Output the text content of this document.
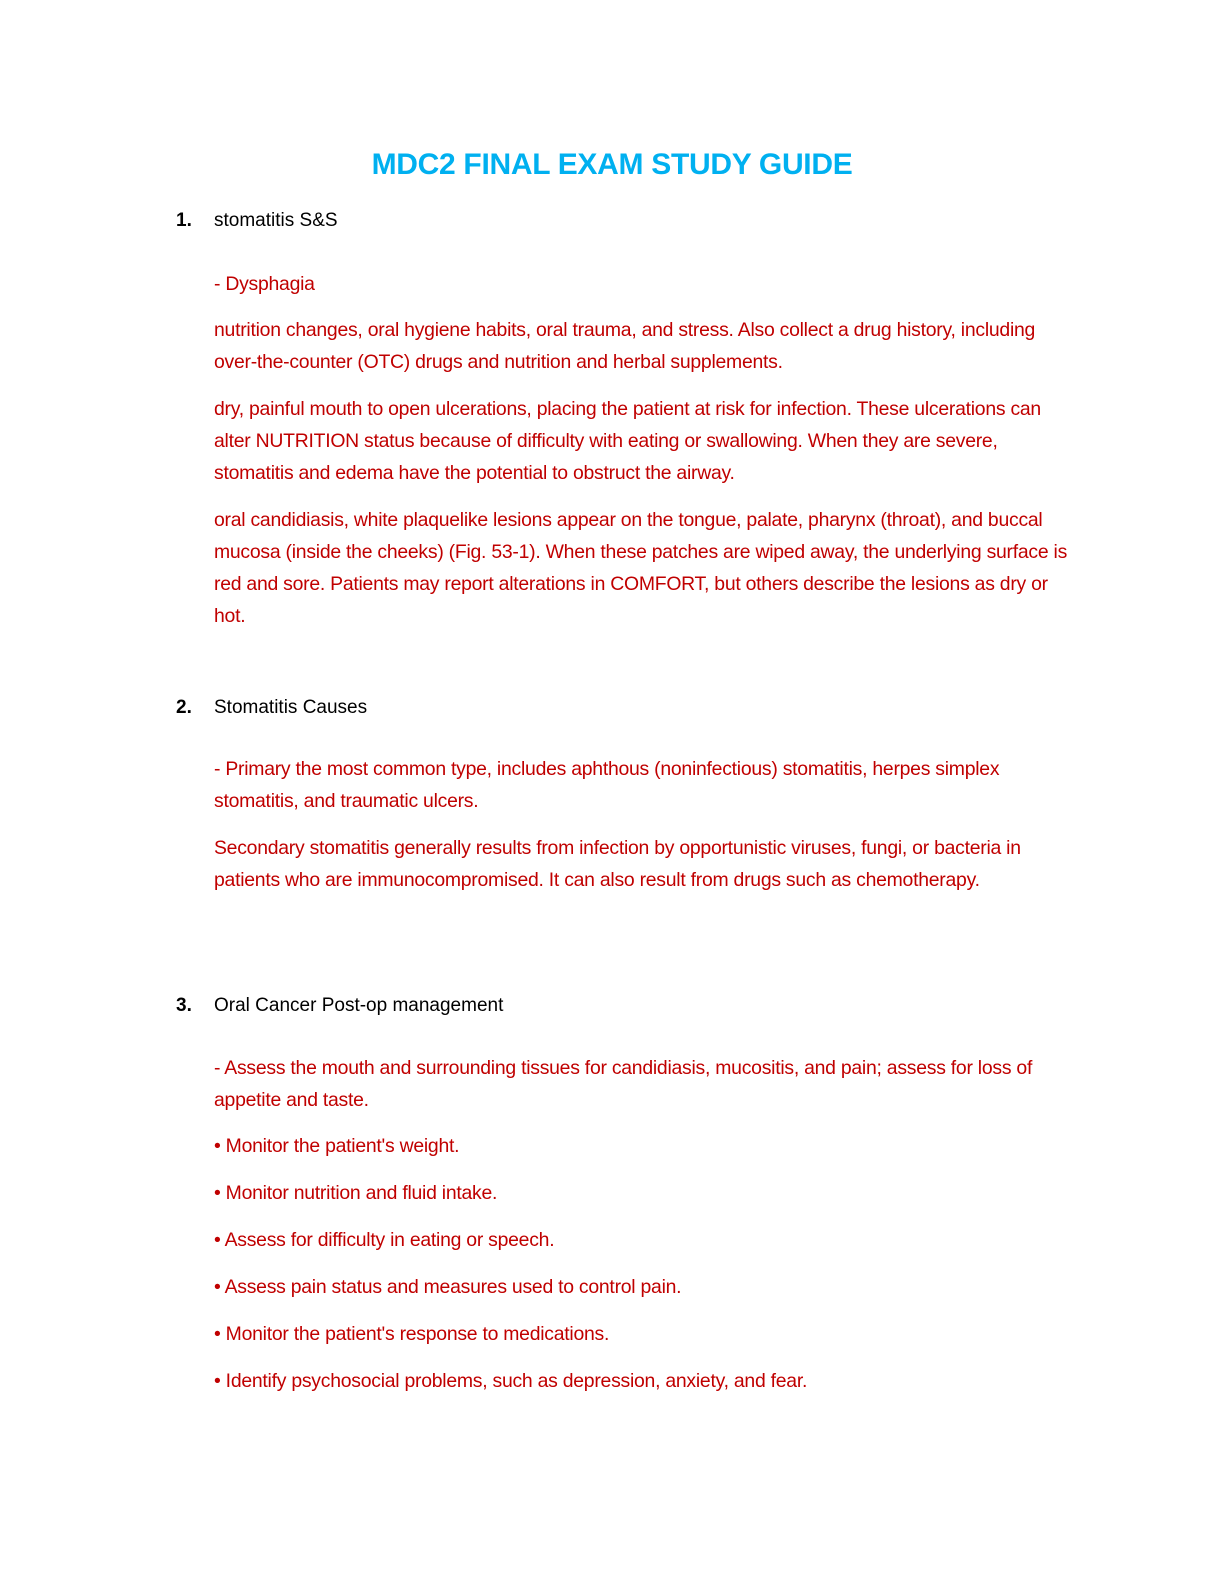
MDC2 FINAL EXAM STUDY GUIDE
1. stomatitis S&S
- Dysphagia
nutrition changes, oral hygiene habits, oral trauma, and stress. Also collect a drug history, including over-the-counter (OTC) drugs and nutrition and herbal supplements.
dry, painful mouth to open ulcerations, placing the patient at risk for infection. These ulcerations can alter NUTRITION status because of difficulty with eating or swallowing. When they are severe, stomatitis and edema have the potential to obstruct the airway.
oral candidiasis, white plaquelike lesions appear on the tongue, palate, pharynx (throat), and buccal mucosa (inside the cheeks) (Fig. 53-1). When these patches are wiped away, the underlying surface is red and sore. Patients may report alterations in COMFORT, but others describe the lesions as dry or hot.
2. Stomatitis Causes
- Primary the most common type, includes aphthous (noninfectious) stomatitis, herpes simplex stomatitis, and traumatic ulcers.
Secondary stomatitis generally results from infection by opportunistic viruses, fungi, or bacteria in patients who are immunocompromised. It can also result from drugs such as chemotherapy.
3. Oral Cancer Post-op management
- Assess the mouth and surrounding tissues for candidiasis, mucositis, and pain; assess for loss of appetite and taste.
• Monitor the patient's weight.
• Monitor nutrition and fluid intake.
• Assess for difficulty in eating or speech.
• Assess pain status and measures used to control pain.
• Monitor the patient's response to medications.
• Identify psychosocial problems, such as depression, anxiety, and fear.
